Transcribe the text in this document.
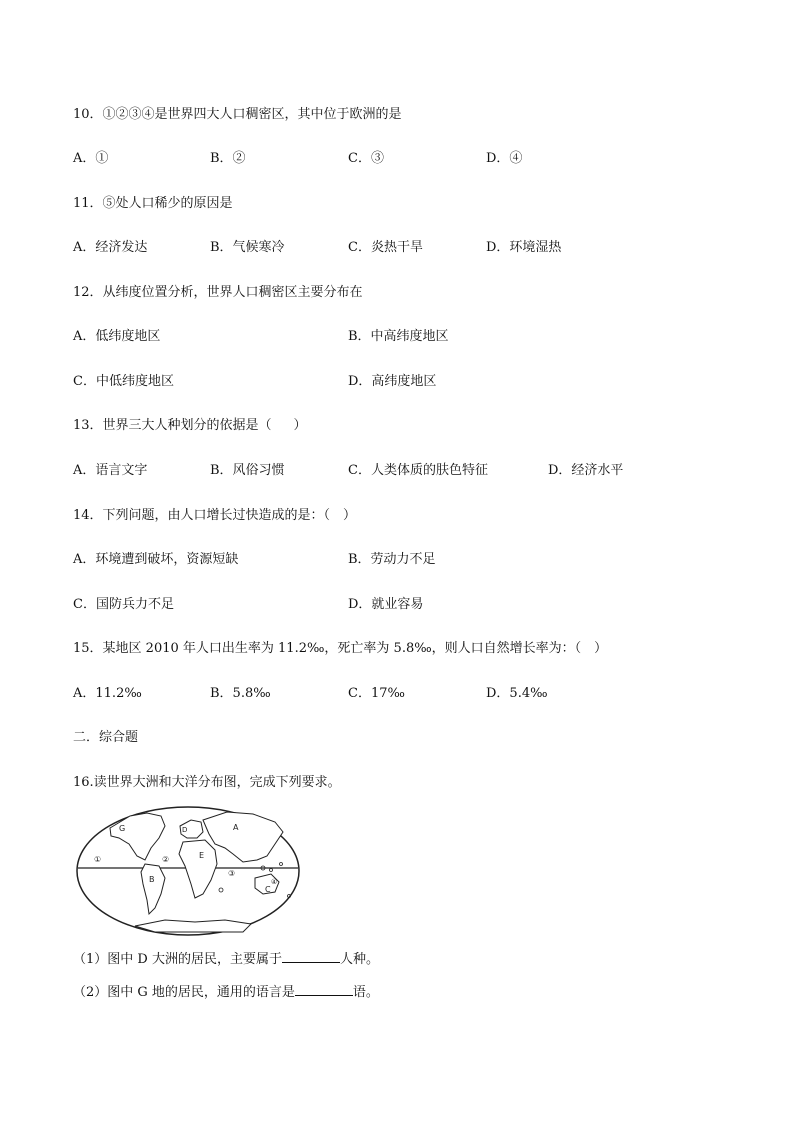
10．①②③④是世界四大人口稠密区，其中位于欧洲的是
A．①	B．②	C．③	D．④
11．⑤处人口稀少的原因是
A．经济发达	B．气候寒冷	C．炎热干旱	D．环境湿热
12．从纬度位置分析，世界人口稠密区主要分布在
A．低纬度地区	B．中高纬度地区
C．中低纬度地区	D．高纬度地区
13．世界三大人种划分的依据是（ ）
A．语言文字	B．风俗习惯	C．人类体质的肤色特征	D．经济水平
14．下列问题，由人口增长过快造成的是：（　）
A．环境遭到破坏，资源短缺	B．劳动力不足
C．国防兵力不足	D．就业容易
15．某地区 2010 年人口出生率为 11.2‰，死亡率为 5.8‰，则人口自然增长率为：（　）
A．11.2‰	B．5.8‰	C．17‰	D．5.4‰
二．综合题
16.读世界大洲和大洋分布图，完成下列要求。
G	D	A
①	②	E
B
③
④
C
（1）图中 D 大洲的居民，主要属于	人种。
（2）图中 G 地的居民，通用的语言是	语。
